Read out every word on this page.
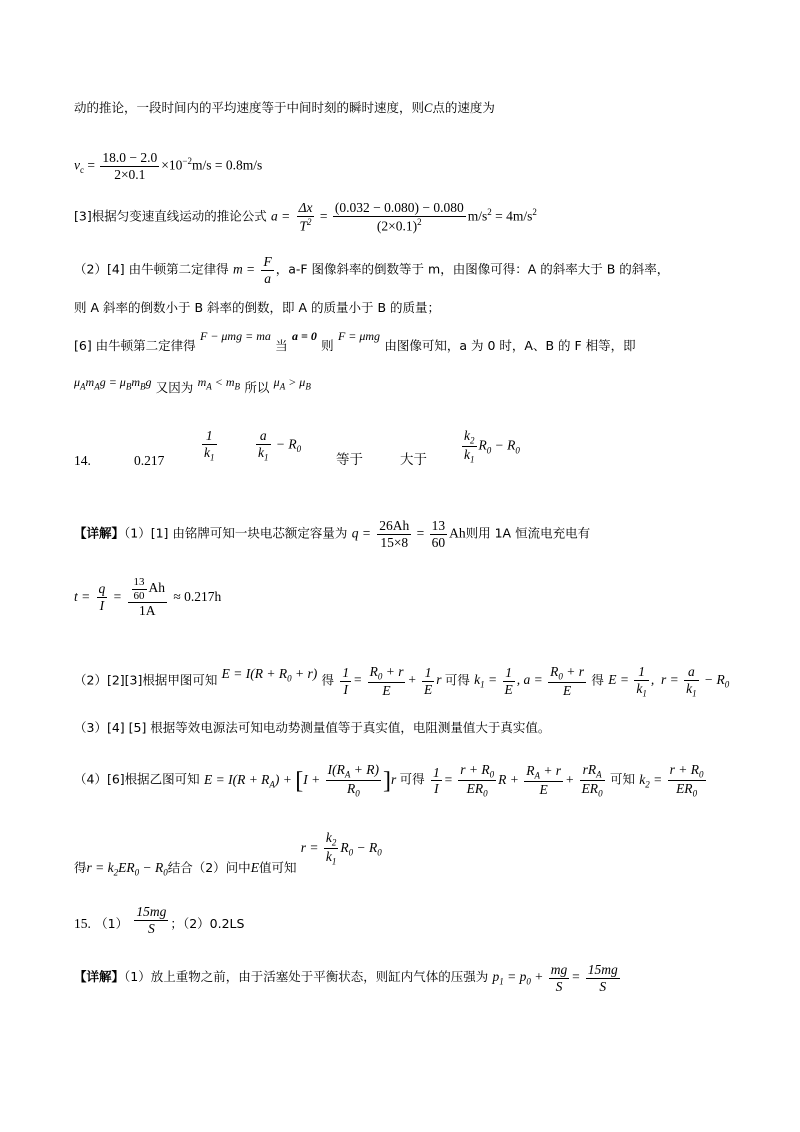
动的推论，一段时间内的平均速度等于中间时刻的瞬时速度，则C点的速度为
$v_c = \frac{18.0 - 2.0}{2\times 0.1} \times 10^{-2}m/s = 0.8m/s$
[3]根据匀变速直线运动的推论公式 $a = \frac{\Delta x}{T^2} = \frac{(0.032 - 0.080) - 0.080}{(2\times 0.1)^2} m/s^2 = 4m/s^2$
（2）[4] 由牛顿第二定律得 $m = \frac{F}{a}$ ，a-F 图像斜率的倒数等于 m，由图像可得：A 的斜率大于 B 的斜率，
则 A 斜率的倒数小于 B 斜率的倒数，即 A 的质量小于 B 的质量；
[6] 由牛顿第二定律得 F − μmg = ma 当 a = 0 则 F = μmg 由图像可知，a 为 0 时，A、B 的 F 相等，即
$\mu_Am_Ag = \mu_Bm_Bg$ 又因为 $m_A < m_B$ 所以 $\mu_A > \mu_B$
14.	0.217	$\frac{1}{k_1}$	$\frac{a}{k_1} - R_0$
等于	大于	$\frac{k_2}{k_1} R_0 - R_0$
【详解】（1）[1] 由铭牌可知一块电芯额定容量为 $q = \frac{26Ah}{15\times 8} = \frac{13}{60}$ Ah则用 1A 恒流电充电有
$t = \frac{q}{I} = \frac{\frac{13}{60} Ah}{1A} \approx 0.217h$
（2）[2][3]根据甲图可知 $E = I(R + R_0 + r)$ 得 $\frac{1}{I} = \frac{R_0 + r}{E} + \frac{1}{E}$ r 可得 $k_1 = \frac{1}{E}$ , $a = \frac{R_0 + r}{E}$ 得 $E = \frac{1}{k_1}$ ,  $r = \frac{a}{k_1} - R_0$
（3）[4] [5] 根据等效电源法可知电动势测量值等于真实值，电阻测量值大于真实值。
（4）[6]根据乙图可知 $E = I(R + R_A) + [I + \frac{I(R_A + R)}{R_0} ]r$ 可得 $\frac{1}{I} = \frac{r + R_0}{ER_0}$ $R + \frac{R_A + r}{E} + \frac{rR_A}{ER_0}$ 可知 $k_2 = \frac{r + R_0}{ER_0}$
得$r = k_2ER_0 - R_0$结合（2）问中E值可知 $r = \frac{k_2}{k_1} R_0 - R_0$
15. $(1) \frac{15mg}{S}$ ；（2）0.2LS
【详解】（1）放上重物之前，由于活塞处于平衡状态，则缸内气体的压强为 $p_1 = p_0 + \frac{mg}{S} = \frac{15mg}{S}$
